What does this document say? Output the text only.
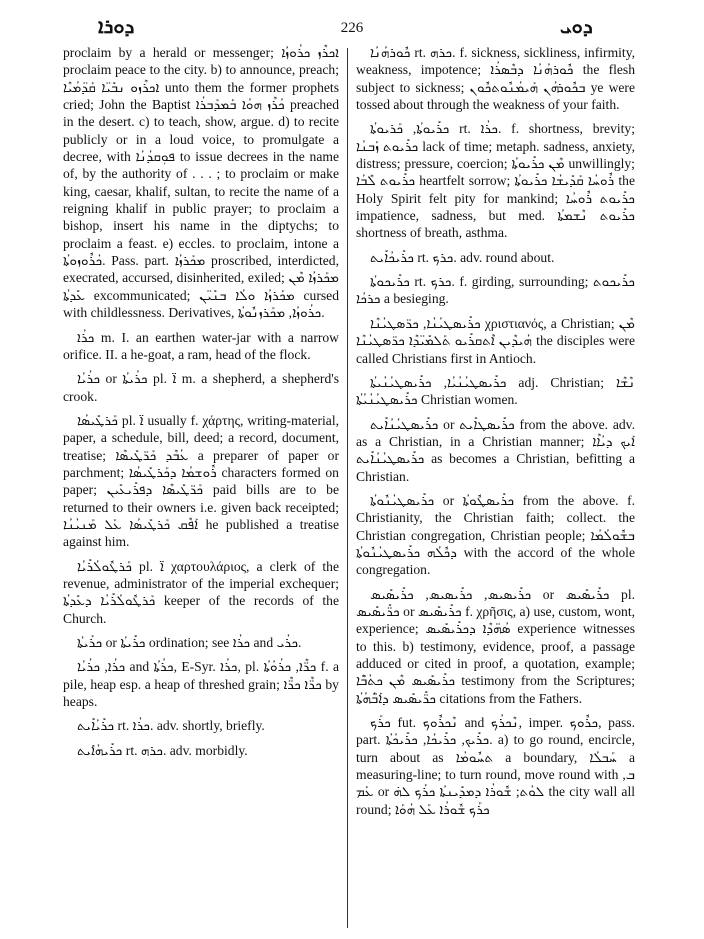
ܕܘܪܐ	226	ܕܘܝ

proclaim by a herald or messenger; ܐܟܪܶܙ ܟܪܳܘܙܳܐ proclaim peace to the city. b) to announce, preach; ܐܟܪܶܙܘ ܢܒܺܝ̈ܐ ܩܰܕ̈ܡܳܝܶܐ unto them the former prophets cried; John the Baptist ܟܳܪܶܙ ܗܘܳܐ ܒܰܡܕܰܒܪܳܐ preached in the desert. c) to teach, show, argue. d) to recite publicly or in a loud voice, to promulgate a decree, with ܦܘܼܩܕܳܢܳܐ to issue decrees in the name of, by the authority of . . . ; to proclaim or make king, caesar, khalif, sultan, to recite the name of a reigning khalif in public prayer; to proclaim a bishop, insert his name in the diptychs; to proclaim a feast. e) eccles. to proclaim, intone a ܟܳܪܽܘܙܘܬܳܐ. Pass. part. ܡܟܰܪܙܳܐ proscribed, interdicted, execrated, accursed, disinherited, exiled; ܡܟܰܪܙܳܐ ܡܶܢ ܥܺܕܬܳܐ excommunicated; ܡܟܰܪܙܳܐ ܘܠܳܐ ܒܢܺܝ̈ܢ cursed with childlessness. Derivatives, ܟܪܳܘܙܳܐ, ܡܟܰܪܙܢܽܘܬܳܐ.

ܟܪܳܐ m. I. an earthen water-jar with a narrow orifice. II. a he-goat, a ram, head of the flock.

ܟܪܳܝܳܐ or ܟܪܳܝܬܳܐ pl. ܐ̈ m. a shepherd, a shepherd's crook.

ܟܰܪܛܺܝܣܳܐ pl. ܐ̈ usually f. χάρτης, writing-material, paper, a schedule, bill, deed; a record, document, treatise; ܥܳܒܶܕ ܟܰܪ̈ܛܺܝܣܶܐ a preparer of paper or parchment; ܪܽܘܫܡܳܐ ܕܟܰܪܛܺܝܣܳܐ characters formed on paper; ܟܰܪ̈ܛܺܝܣܶܐ ܕܦܪܺܝܥܺܝܢ paid bills are to be returned to their owners i.e. given back receipted; ܐܰܦܶܩ ܟܰܪܛܺܝܣܳܐ ܥܰܠ ܡܰܢܝܳܢܳܐ he published a treatise against him.

ܟܰܪܛܽܘܠܳܪܺܝܳܐ pl. ܐ̈ χαρτουλάριος, a clerk of the revenue, administrator of the imperial exchequer; ܟܰܪܛܽܘܠܳܪܺܝܳܐ ܕܥܺܕܬܳܐ keeper of the records of the Church.

ܟܪܰܝܬܳܐ or ܟܪܺܝܬܳܐ ordination; see ܟܪܳܐ and ܟܪܳܝ.

ܟܪܳܐ, ܟܪܳܝܳܐ and ܟܪܳܬܳܐ, E-Syr. ܟܪܳܐ, pl. ܟܪ̈ܶܐ, ܟܪܳܘܳܬܳܐ f. a pile, heap esp. a heap of threshed grain; ܟܪ̈ܶܐ ܟܪ̈ܶܐ by heaps.

ܟܪܺܝܳܐܺܝܬ rt. ܟܪܳܐ. adv. shortly, briefly.

ܟܪܺܝܗܳܐܺܝܬ rt. ܟܪܗ. adv. morbidly.

ܟܽܘܪܗܳܢܳܐ rt. ܟܪܗ. f. sickness, sickliness, infirmity, weakness, impotence; ܟܽܘܪܗܳܢܳܐ ܕܒܶܣܪܳܐ the flesh subject to sickness; ܒܟܽܘܪܗܳܢ ܗܰܝܡܳܢܽܘܬܟܽܘܢ ye were tossed about through the weakness of your faith.

ܟܪܺܝܘܬܳܐ, ܟܰܪܝܘܬܳܐ rt. ܟܪܳܐ. f. shortness, brevity; ܟܪܺܝܘܬ ܙܰܒܢܳܐ lack of time; metaph. sadness, anxiety, distress; pressure, coercion; ܡܶܢ ܟܪܺܝܘܬܳܐ unwillingly; ܟܪܺܝܘܬ ܠܶܒܳܐ heartfelt sorrow; ܪܽܘܚܳܐ ܩܰܕܺܝܫܳܐ ܟܪܺܝܘܬܳܐ the Holy Spirit felt pity for mankind; ܟܪܺܝܘܬ ܪܽܘܚܳܐ impatience, sadness, but med. ܟܪܺܝܘܬ ܢܶܫܡܬܳܐ shortness of breath, asthma.

ܟܪܺܝܟܳܐܺܝܬ rt. ܟܪܟ. adv. round about.

ܟܪܺܝܟܘܬܳܐ rt. ܟܪܟ. f. girding, surrounding; ܟܪܺܝܟܘܬ ܟܪܟܳܐ a besieging.

ܟܪܺܝܣܛܝܳܢܳܐ, ܟܪ̈ܣܛܝܳܢܶܐ χριστιανός, a Christian; ܡܶܢ ܗܳܝܕܶܝܢ ܐܶܬܩܪܺܝܘ ܬܰܠܡܺܝ̈ܕܶܐ ܟܪ̈ܣܛܝܳܢܶܐ the disciples were called Christians first in Antioch.

ܟܪܺܝܣܛܝܳܢܳܝܳܐ, ܟܪܺܝܣܛܝܳܢܳܝܬܳܐ adj. Christian; ܢܶܫܶܐ ܟܪܺܝܣܛܝܳܢܳܝܳܬܳܐ Christian women.

ܟܪܺܝܣܛܝܳܢܳܐܺܝܬ or ܟܪܺܝܣܛܐܺܝܬ from the above. adv. as a Christian, in a Christian manner; ܐܰܝܟ ܕܝܳܐܶܐ ܟܪܺܝܣܛܝܳܢܳܐܺܝܬ as becomes a Christian, befitting a Christian.

ܟܪܺܝܣܛܝܳܢܽܘܬܳܐ or ܟܪܺܝܣܛܽܘܬܳܐ from the above. f. Christianity, the Christian faith; collect. the Christian congregation, Christian people; ܒܫܽܘܠܳܡܳܐ ܕܟܽܠܳܗ ܟܪܺܝܣܛܝܳܢܽܘܬܳܐ with the accord of the whole congregation.

ܟܪܺܝܣܝܣ, ܟܪܺܝܣܝܣ, ܟܪܺܝܣܺܝܣ or ܟܪܺܝܣܺܝܣ pl. ܟܪ̈ܺܝܣܺܝܣ or ܟܪܺܝܣܺܝܣ f. χρῆσις, a) use, custom, wont, experience; ܣܳܗ̈ܕܶܐ ܕܟܪܺܝܣܺܝܣ experience witnesses to this. b) testimony, evidence, proof, a passage adduced or cited in proof, a quotation, example; ܟܪܺܝܣܺܝܣ ܡܶܢ ܟܬܳܒ̈ܶܐ testimony from the Scriptures; ܟܪ̈ܺܝܣܺܝܣ ܕܐܰܒ̈ܳܗܳܬܳܐ citations from the Fathers.

ܟܪܰܟ fut. ܢܶܟܪܽܘܟ and ܢܶܟܪܳܟ, imper. ܟܪܽܘܟ, pass. part. ܟܪܺܝܟ, ܟܪܺܝܟܳܐ, ܟܪܺܝܟܳܬܳܐ. a) to go round, encircle, turn about as ܬܚܽܘܡܳܐ a boundary, ܚܰܒܠܳܐ a measuring-line; to turn round, move round with ܒ, ܥܰܡ or ܠܘܳܬ; ܫܽܘܪܳܐ ܕܡܕܺܝܢܬܳܐ ܟܪܰܟ ܠܗ̇ the city wall all round; ܟܪܰܟ ܫܽܘܪܳܐ ܥܰܠ ܗܳܘܰܐ
